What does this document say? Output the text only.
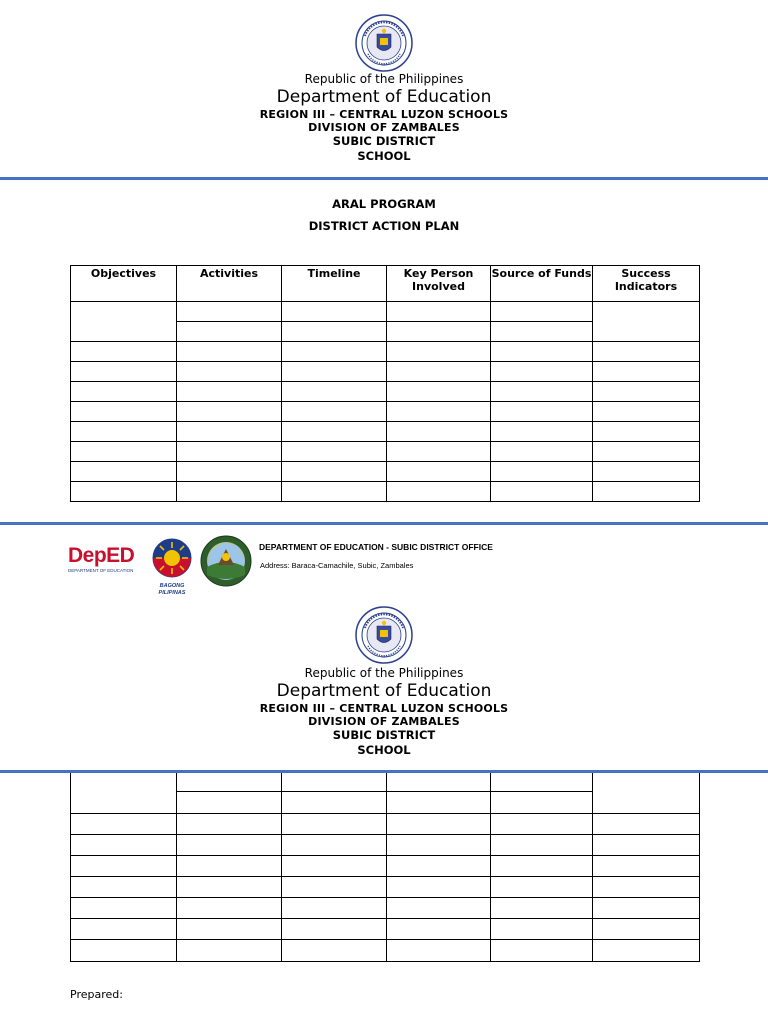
Republic of the Philippines
Department of Education
REGION III – CENTRAL LUZON SCHOOLS
DIVISION OF ZAMBALES
SUBIC DISTRICT
SCHOOL
ARAL PROGRAM
DISTRICT ACTION PLAN
Objectives	Activities	Timeline	Key Person Involved	Source of Funds	Success Indicators

DepED
DEPARTMENT OF EDUCATION
BAGONG PILIPINAS
DEPARTMENT OF EDUCATION - SUBIC DISTRICT OFFICE
Address: Baraca-Camachile, Subic, Zambales
Republic of the Philippines
Department of Education
REGION III – CENTRAL LUZON SCHOOLS
DIVISION OF ZAMBALES
SUBIC DISTRICT
SCHOOL

Prepared:
